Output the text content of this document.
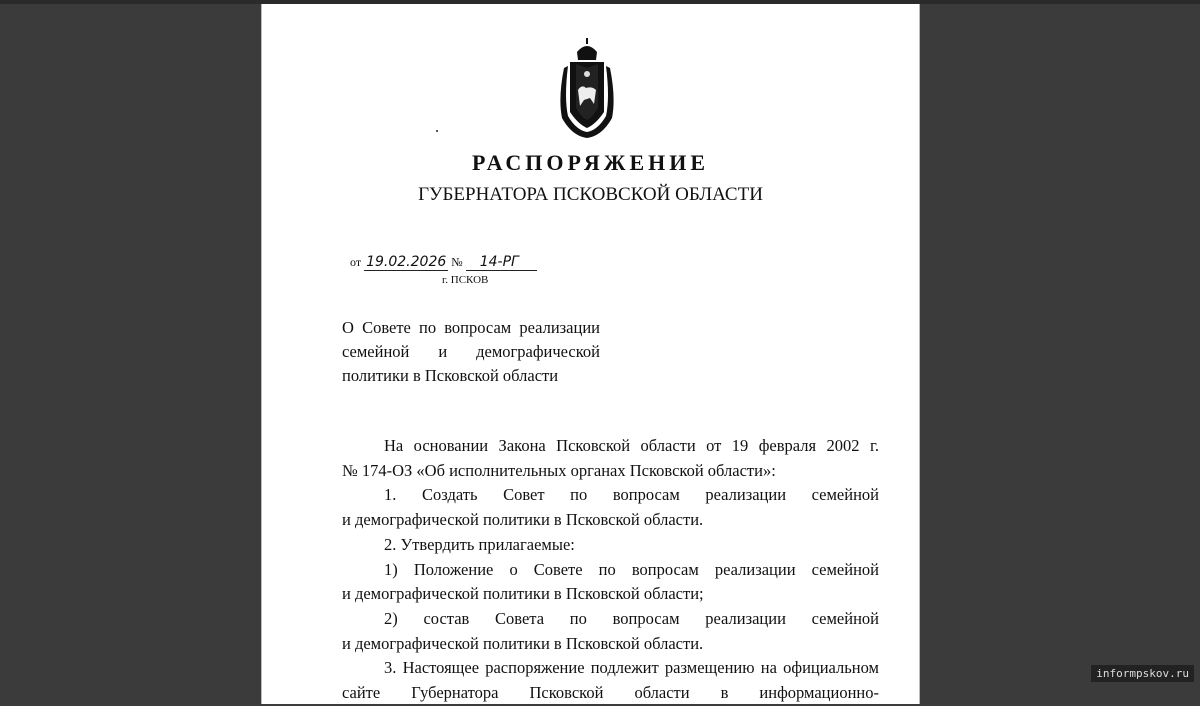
РАСПОРЯЖЕНИЕ
ГУБЕРНАТОРА ПСКОВСКОЙ ОБЛАСТИ
от 19.02.2026 № 14-РГ
г. ПСКОВ
О Совете по вопросам реализации
семейной и демографической
политики в Псковской области
На основании Закона Псковской области от 19 февраля 2002 г.
№ 174-ОЗ «Об исполнительных органах Псковской области»:
1. Создать Совет по вопросам реализации семейной
и демографической политики в Псковской области.
2. Утвердить прилагаемые:
1) Положение о Совете по вопросам реализации семейной
и демографической политики в Псковской области;
2) состав Совета по вопросам реализации семейной
и демографической политики в Псковской области.
3. Настоящее распоряжение подлежит размещению на официальном
сайте Губернатора Псковской области в информационно-
informpskov.ru
